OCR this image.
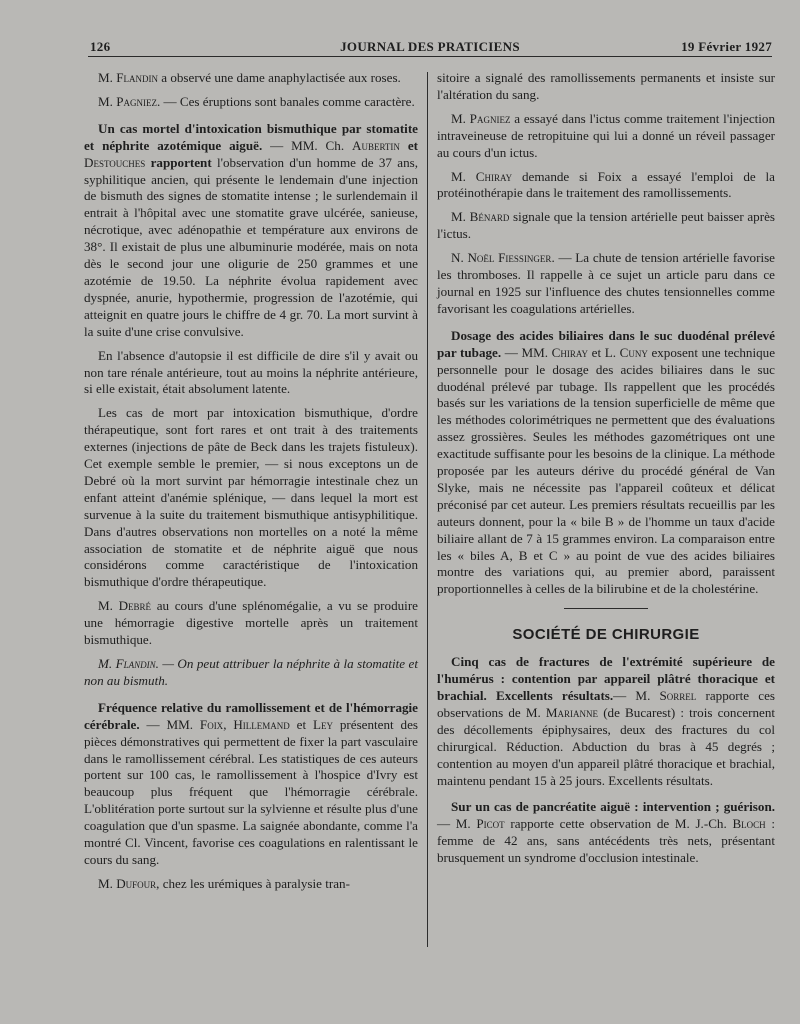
126	JOURNAL DES PRATICIENS	19 Février 1927

M. Flandin a observé une dame anaphylactisée aux roses.

M. Pagniez. — Ces éruptions sont banales comme caractère.

Un cas mortel d'intoxication bismuthique par stomatite et néphrite azotémique aiguë. — MM. Ch. Aubertin et Destouches rapportent l'observation d'un homme de 37 ans, syphilitique ancien, qui présente le lendemain d'une injection de bismuth des signes de stomatite intense ; le surlendemain il entrait à l'hôpital avec une stomatite grave ulcérée, sanieuse, nécrotique, avec adénopathie et température aux environs de 38°. Il existait de plus une albuminurie modérée, mais on nota dès le second jour une oligurie de 250 grammes et une azotémie de 19.50. La néphrite évolua rapidement avec dyspnée, anurie, hypothermie, progression de l'azotémie, qui atteignit en quatre jours le chiffre de 4 gr. 70. La mort survint à la suite d'une crise convulsive.

En l'absence d'autopsie il est difficile de dire s'il y avait ou non tare rénale antérieure, tout au moins la néphrite antérieure, si elle existait, était absolument latente.

Les cas de mort par intoxication bismuthique, d'ordre thérapeutique, sont fort rares et ont trait à des traitements externes (injections de pâte de Beck dans les trajets fistuleux). Cet exemple semble le premier, — si nous exceptons un de Debré où la mort survint par hémorragie intestinale chez un enfant atteint d'anémie splénique, — dans lequel la mort est survenue à la suite du traitement bismuthique antisyphilitique. Dans d'autres observations non mortelles on a noté la même association de stomatite et de néphrite aiguë que nous considérons comme caractéristique de l'intoxication bismuthique d'ordre thérapeutique.

M. Debré au cours d'une splénomégalie, a vu se produire une hémorragie digestive mortelle après un traitement bismuthique.

M. Flandin. — On peut attribuer la néphrite à la stomatite et non au bismuth.

Fréquence relative du ramollissement et de l'hémorragie cérébrale. — MM. Foix, Hillemand et Ley présentent des pièces démonstratives qui permettent de fixer la part vasculaire dans le ramollissement cérébral. Les statistiques de ces auteurs portent sur 100 cas, le ramollissement à l'hospice d'Ivry est beaucoup plus fréquent que l'hémorragie cérébrale. L'oblitération porte surtout sur la sylvienne et résulte plus d'une coagulation que d'un spasme. La saignée abondante, comme l'a montré Cl. Vincent, favorise ces coagulations en ralentissant le cours du sang.

M. Dufour, chez les urémiques à paralysie tran-

sitoire a signalé des ramollissements permanents et insiste sur l'altération du sang.

M. Pagniez a essayé dans l'ictus comme traitement l'injection intraveineuse de retropituine qui lui a donné un réveil passager au cours d'un ictus.

M. Chiray demande si Foix a essayé l'emploi de la protéinothérapie dans le traitement des ramollissements.

M. Bénard signale que la tension artérielle peut baisser après l'ictus.

N. Noël Fiessinger. — La chute de tension artérielle favorise les thromboses. Il rappelle à ce sujet un article paru dans ce journal en 1925 sur l'influence des chutes tensionnelles comme favorisant les coagulations artérielles.

Dosage des acides biliaires dans le suc duodénal prélevé par tubage. — MM. Chiray et L. Cuny exposent une technique personnelle pour le dosage des acides biliaires dans le suc duodénal prélevé par tubage. Ils rappellent que les procédés basés sur les variations de la tension superficielle de même que les méthodes colorimétriques ne permettent que des évaluations assez grossières. Seules les méthodes gazométriques ont une exactitude suffisante pour les besoins de la clinique. La méthode proposée par les auteurs dérive du procédé général de Van Slyke, mais ne nécessite pas l'appareil coûteux et délicat préconisé par cet auteur. Les premiers résultats recueillis par les auteurs donnent, pour la « bile B » de l'homme un taux d'acide biliaire allant de 7 à 15 grammes environ. La comparaison entre les « biles A, B et C » au point de vue des acides biliaires montre des variations qui, au premier abord, paraissent proportionnelles à celles de la bilirubine et de la cholestérine.

SOCIÉTÉ DE CHIRURGIE

Cinq cas de fractures de l'extrémité supérieure de l'humérus : contention par appareil plâtré thoracique et brachial. Excellents résultats.— M. Sorrel rapporte ces observations de M. Marianne (de Bucarest) : trois concernent des décollements épiphysaires, deux des fractures du col chirurgical. Réduction. Abduction du bras à 45 degrés ; contention au moyen d'un appareil plâtré thoracique et brachial, maintenu pendant 15 à 25 jours. Excellents résultats.

Sur un cas de pancréatite aiguë : intervention ; guérison. — M. Picot rapporte cette observation de M. J.-Ch. Bloch : femme de 42 ans, sans antécédents très nets, présentant brusquement un syndrome d'occlusion intestinale.
